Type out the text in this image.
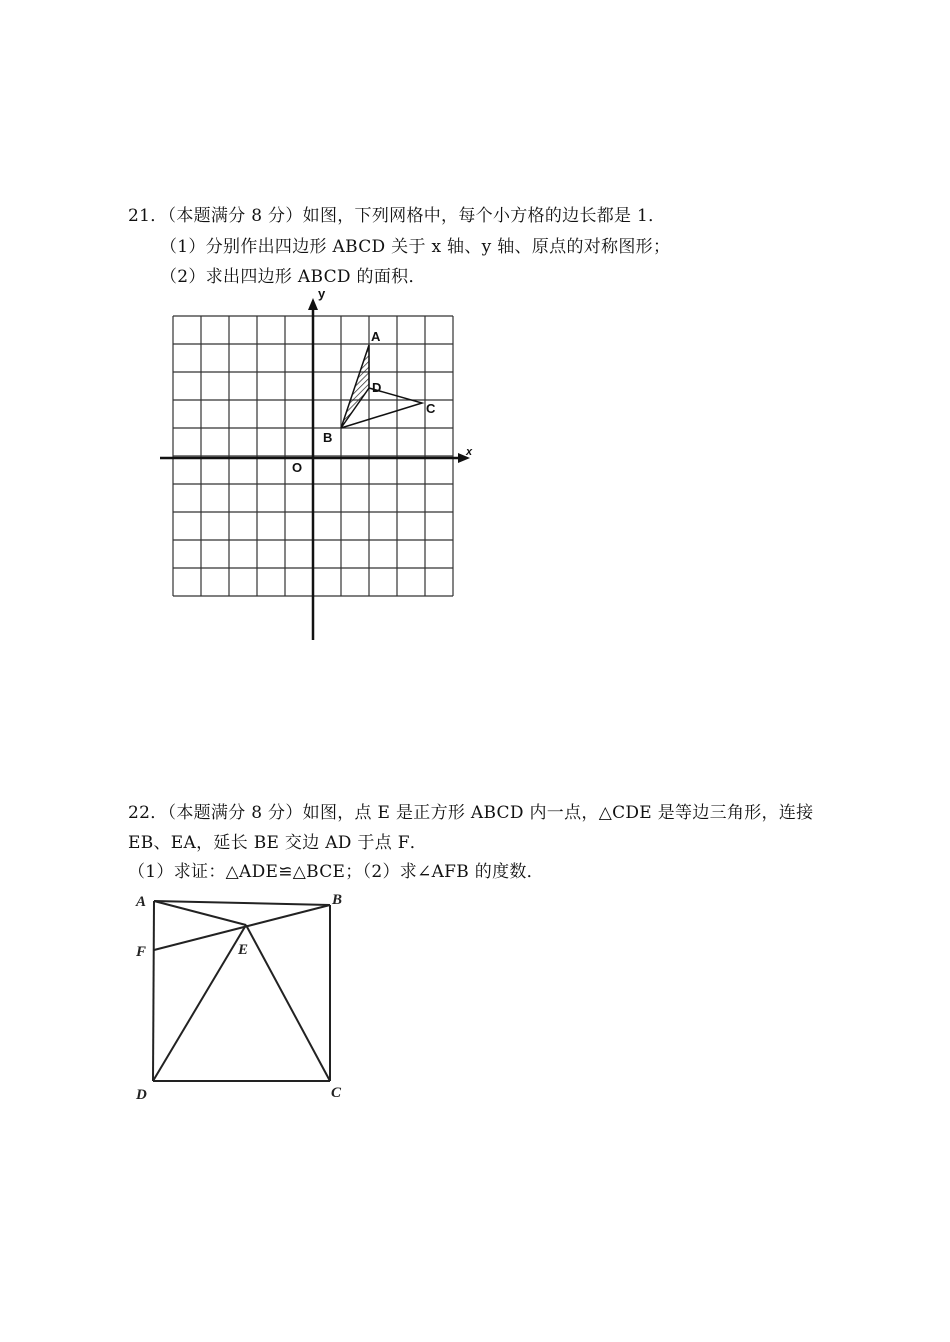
21．（本题满分 8 分）如图，下列网格中，每个小方格的边长都是 1．
（1）分别作出四边形 ABCD 关于 x 轴、y 轴、原点的对称图形；
（2）求出四边形 ABCD 的面积．
y
x
O
A
D
C
B
22．（本题满分 8 分）如图，点 E 是正方形 ABCD 内一点，△CDE 是等边三角形，连接
EB、EA，延长 BE 交边 AD 于点 F．
（1）求证：△ADE≌△BCE；（2）求∠AFB 的度数．
A	B
F	E
D	C
